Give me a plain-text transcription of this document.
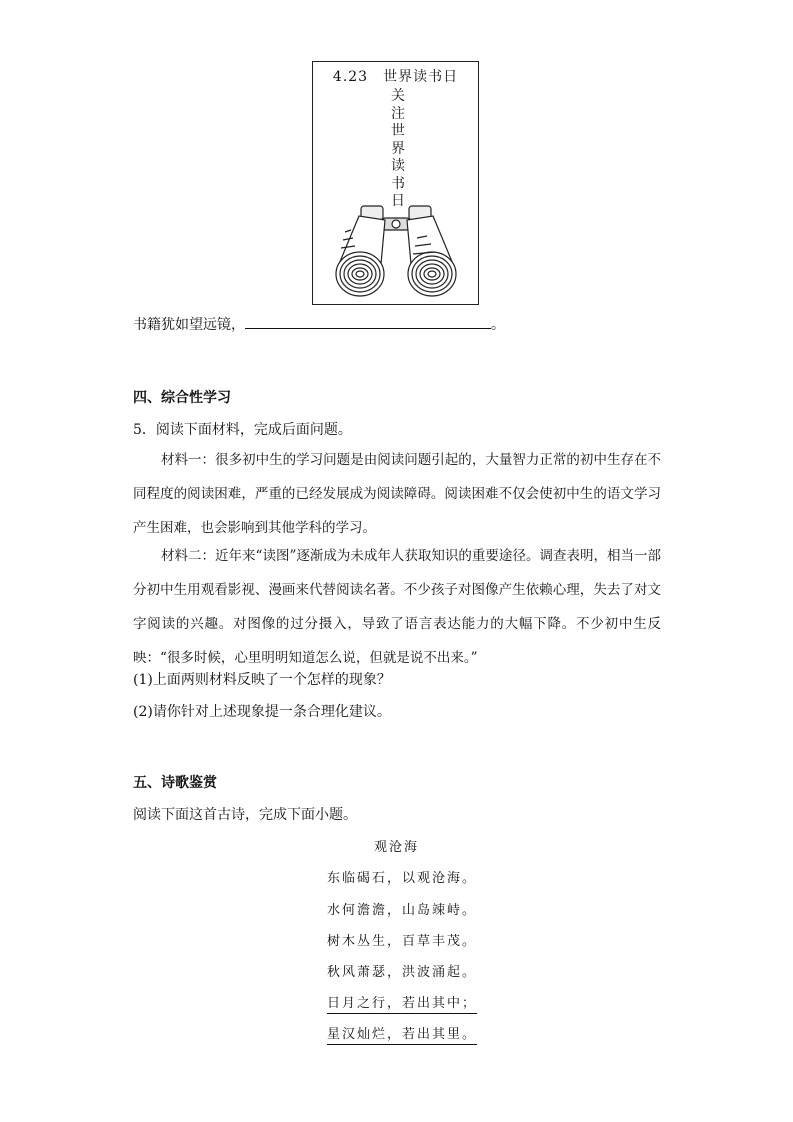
4.23　世界读书日
关注世界读书日
书籍犹如望远镜，	。
四、综合性学习
5．阅读下面材料，完成后面问题。
材料一：很多初中生的学习问题是由阅读问题引起的，大量智力正常的初中生存在不同程度的阅读困难，严重的已经发展成为阅读障碍。阅读困难不仅会使初中生的语文学习产生困难，也会影响到其他学科的学习。
材料二：近年来“读图”逐渐成为未成年人获取知识的重要途径。调查表明，相当一部分初中生用观看影视、漫画来代替阅读名著。不少孩子对图像产生依赖心理，失去了对文字阅读的兴趣。对图像的过分摄入，导致了语言表达能力的大幅下降。不少初中生反映：“很多时候，心里明明知道怎么说，但就是说不出来。”
(1)上面两则材料反映了一个怎样的现象？
(2)请你针对上述现象提一条合理化建议。
五、诗歌鉴赏
阅读下面这首古诗，完成下面小题。
观沧海
东临碣石，以观沧海。
水何澹澹，山岛竦峙。
树木丛生，百草丰茂。
秋风萧瑟，洪波涌起。
日月之行，若出其中；
星汉灿烂，若出其里。
